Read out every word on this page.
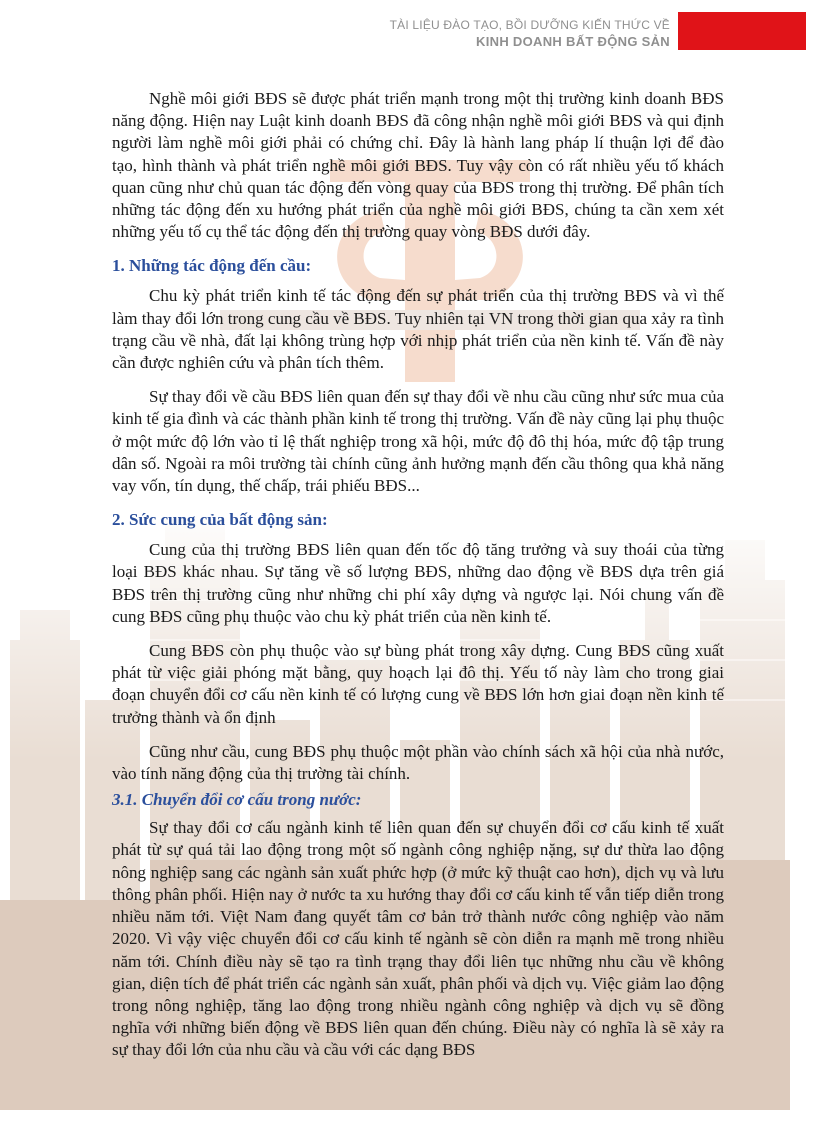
TÀI LIỆU ĐÀO TẠO, BỒI DƯỠNG KIẾN THỨC VỀ
KINH DOANH BẤT ĐỘNG SẢN

Nghề môi giới BĐS sẽ được phát triển mạnh trong một thị trường kinh doanh BĐS năng động. Hiện nay Luật kinh doanh BĐS đã công nhận nghề môi giới BĐS và qui định người làm nghề môi giới phải có chứng chỉ. Đây là hành lang pháp lí thuận lợi để đào tạo, hình thành và phát triển nghề môi giới BĐS. Tuy vậy còn có rất nhiều yếu tố khách quan cũng như chủ quan tác động đến vòng quay của BĐS trong thị trường. Để phân tích những tác động đến xu hướng phát triển của nghề môi giới BĐS, chúng ta cần xem xét những yếu tố cụ thể tác động đến thị trường quay vòng BĐS dưới đây.

1. Những tác động đến cầu:

Chu kỳ phát triển kinh tế tác động đến sự phát triển của thị trường BĐS và vì thế làm thay đổi lớn trong cung cầu về BĐS. Tuy nhiên tại VN trong thời gian qua xảy ra tình trạng cầu về nhà, đất lại không trùng hợp với nhịp phát triển của nền kinh tế. Vấn đề này cần được nghiên cứu và phân tích thêm.

Sự thay đổi về cầu BĐS liên quan đến sự thay đổi về nhu cầu cũng như sức mua của kinh tế gia đình và các thành phần kinh tế trong thị trường. Vấn đề này cũng lại phụ thuộc ở một mức độ lớn vào tỉ lệ thất nghiệp trong xã hội, mức độ đô thị hóa, mức độ tập trung dân số. Ngoài ra môi trường tài chính cũng ảnh hưởng mạnh đến cầu thông qua khả năng vay vốn, tín dụng, thế chấp, trái phiếu BĐS...

2. Sức cung của bất động sản:

Cung của thị trường BĐS liên quan đến tốc độ tăng trưởng và suy thoái của từng loại BĐS khác nhau. Sự tăng về số lượng BĐS, những dao động về BĐS dựa trên giá BĐS trên thị trường cũng như những chi phí xây dựng và ngược lại. Nói chung vấn đề cung BĐS cũng phụ thuộc vào chu kỳ phát triển của nền kinh tế.

Cung BĐS còn phụ thuộc vào sự bùng phát trong xây dựng. Cung BĐS cũng xuất phát từ việc giải phóng mặt bằng, quy hoạch lại đô thị. Yếu tố này làm cho trong giai đoạn chuyển đổi cơ cấu nền kinh tế có lượng cung về BĐS lớn hơn giai đoạn nền kinh tế trưởng thành và ổn định

Cũng như cầu, cung BĐS phụ thuộc một phần vào chính sách xã hội của nhà nước, vào tính năng động của thị trường tài chính.

3.1. Chuyển đổi cơ cấu trong nước:

Sự thay đổi cơ cấu ngành kinh tế liên quan đến sự chuyển đổi cơ cấu kinh tế xuất phát từ sự quá tải lao động trong một số ngành công nghiệp nặng, sự dư thừa lao động nông nghiệp sang các ngành sản xuất phức hợp (ở mức kỹ thuật cao hơn), dịch vụ và lưu thông phân phối. Hiện nay ở nước ta xu hướng thay đổi cơ cấu kinh tế vẫn tiếp diễn trong nhiều năm tới. Việt Nam đang quyết tâm cơ bản trở thành nước công nghiệp vào năm 2020. Vì vậy việc chuyển đổi cơ cấu kinh tế ngành sẽ còn diễn ra mạnh mẽ trong nhiều năm tới. Chính điều này sẽ tạo ra tình trạng thay đổi liên tục những nhu cầu về không gian, diện tích để phát triển các ngành sản xuất, phân phối và dịch vụ. Việc giảm lao động trong nông nghiệp, tăng lao động trong nhiều ngành công nghiệp và dịch vụ sẽ đồng nghĩa với những biến động về BĐS liên quan đến chúng. Điều này có nghĩa là sẽ xảy ra sự thay đổi lớn của nhu cầu và cầu với các dạng BĐS
